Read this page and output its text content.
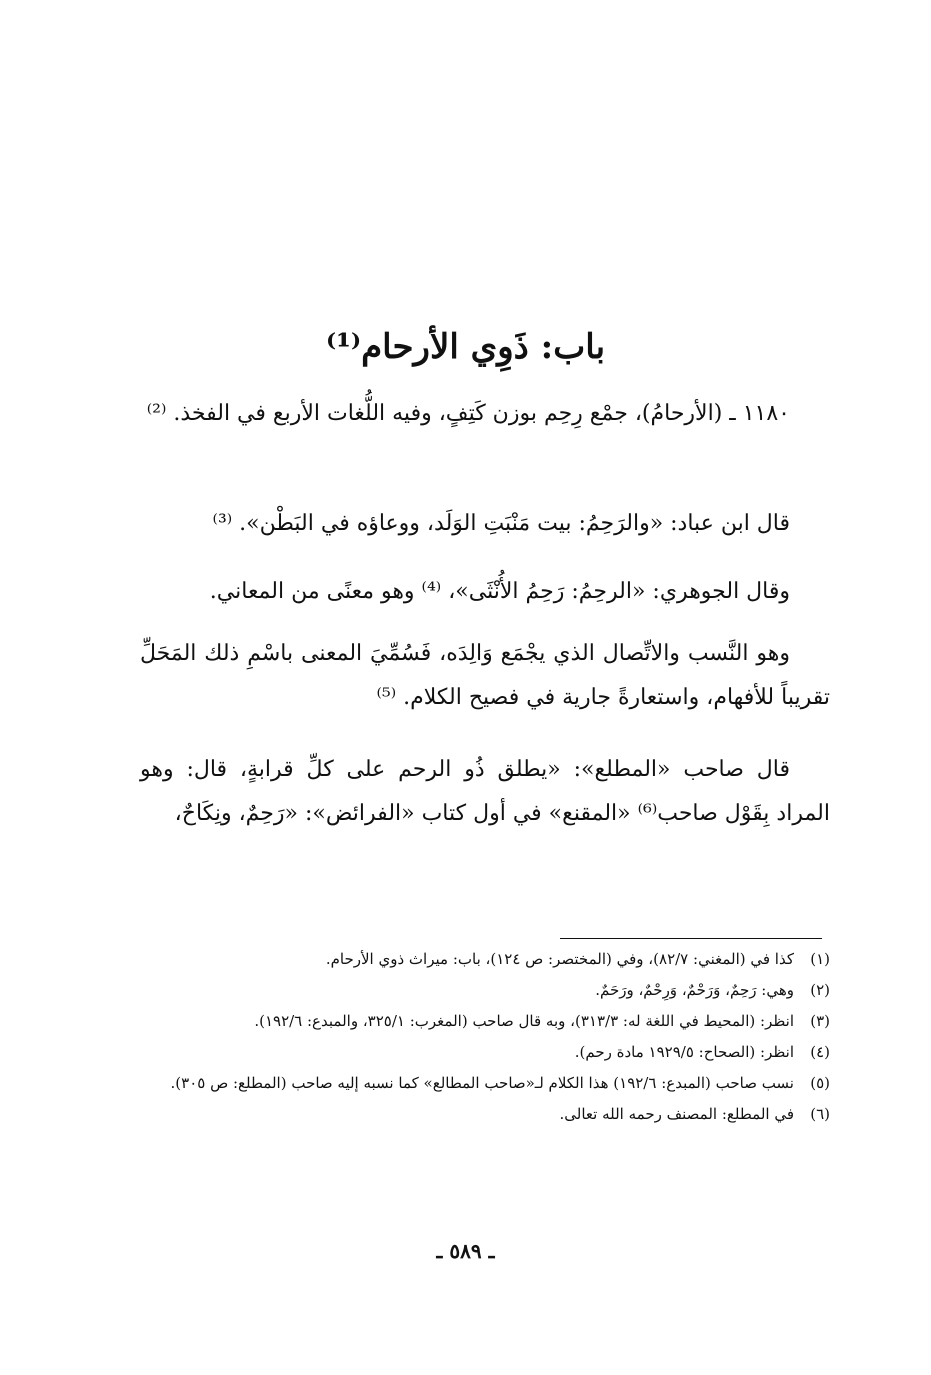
باب: ذَوِي الأرحام⁽¹⁾

١١٨٠ ـ (الأرحامُ)، جمْع رِحِم بوزن كَتِفٍ، وفيه اللُّغات الأربع في الفخذ. ⁽²⁾

قال ابن عباد: «والرَحِمُ: بيت مَنْبَتِ الوَلَد، ووعاؤه في البَطْن». ⁽³⁾

وقال الجوهري: «الرحِمُ: رَحِمُ الأُنْثَى»، ⁽⁴⁾ وهو معنًى من المعاني.

وهو النَّسب والاتِّصال الذي يجْمَع وَالِدَه، فَسُمِّيَ المعنى باسْمِ ذلك المَحَلِّ تقريباً للأفهام، واستعارةً جارية في فصيح الكلام. ⁽⁵⁾

قال صاحب «المطلع»: «يطلق ذُو الرحم على كلِّ قرابةٍ، قال: وهو المراد بِقَوْل صاحب⁽⁶⁾ «المقنع» في أول كتاب «الفرائض»: «رَحِمٌ، ونِكَاحٌ،

(١)
كذا في (المغني: ٨٢/٧)، وفي (المختصر: ص ١٢٤)، باب: ميراث ذوي الأرحام.
(٢)
وهي: رَحِمٌ، وَرَحْمٌ، وَرِحْمٌ، ورَحَمٌ.
(٣)
انظر: (المحيط في اللغة له: ٣١٣/٣)، وبه قال صاحب (المغرب: ٣٢٥/١، والمبدع: ١٩٢/٦).
(٤)
انظر: (الصحاح: ١٩٢٩/٥ مادة رحم).
(٥)
نسب صاحب (المبدع: ١٩٢/٦) هذا الكلام لـ«صاحب المطالع» كما نسبه إليه صاحب (المطلع: ص ٣٠٥).
(٦)
في المطلع: المصنف رحمه الله تعالى.
ـ ٥٨٩ ـ
